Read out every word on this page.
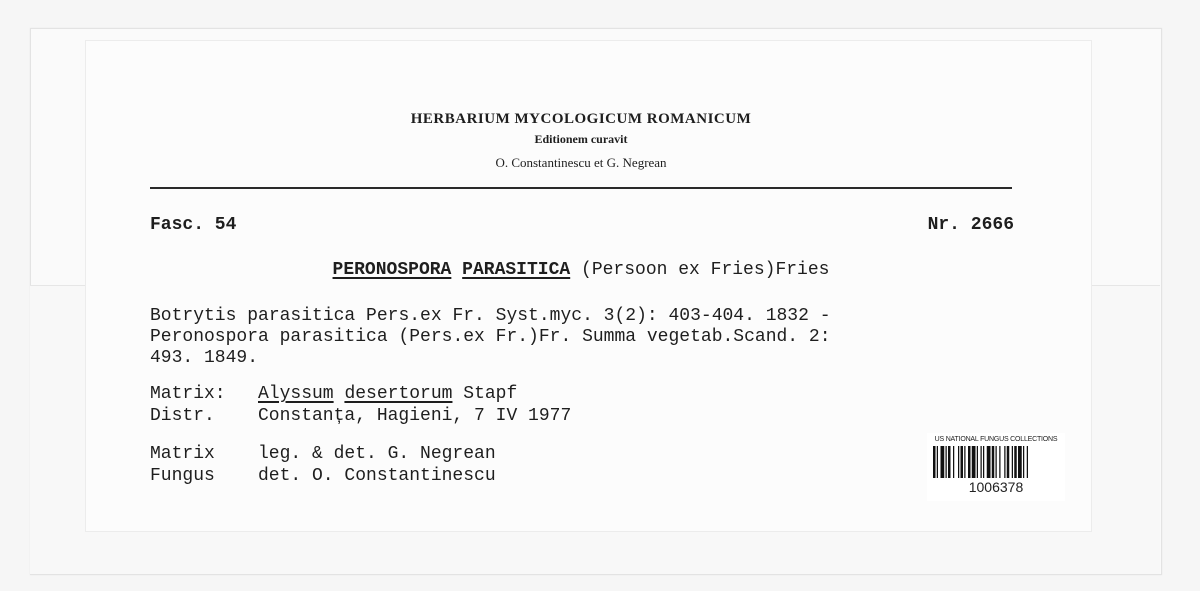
HERBARIUM MYCOLOGICUM ROMANICUM
Editionem curavit
O. Constantinescu et G. Negrean
Fasc. 54	Nr. 2666
PERONOSPORA PARASITICA (Persoon ex Fries)Fries
Botrytis parasitica Pers.ex Fr. Syst.myc. 3(2): 403-404. 1832 -
Peronospora parasitica (Pers.ex Fr.)Fr. Summa vegetab.Scand. 2:
493. 1849.
Matrix: Alyssum desertorum Stapf
Distr. Constanța, Hagieni, 7 IV 1977
Matrix leg. & det. G. Negrean
Fungus det. O. Constantinescu
US NATIONAL FUNGUS COLLECTIONS
1006378
